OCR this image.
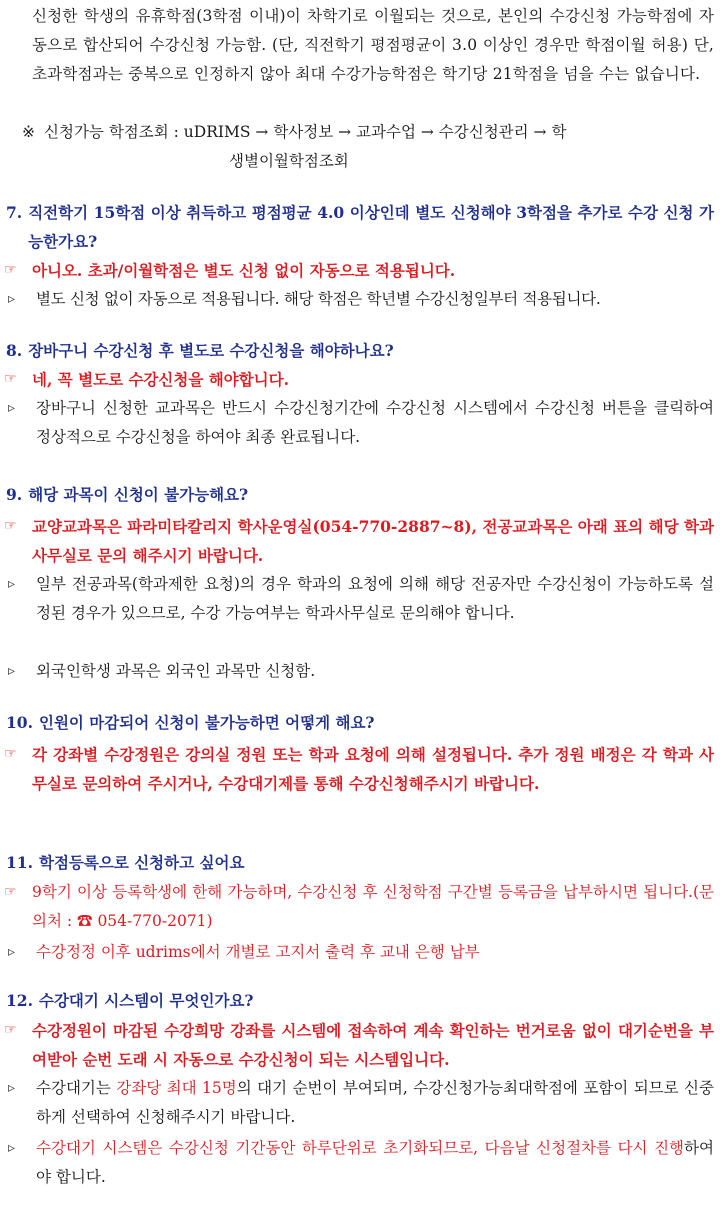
신청한 학생의 유휴학점(3학점 이내)이 차학기로 이월되는 것으로, 본인의 수강신청 가능학점에 자동으로 합산되어 수강신청 가능함. (단, 직전학기 평점평균이 3.0 이상인 경우만 학점이월 허용) 단, 초과학점과는 중복으로 인정하지 않아 최대 수강가능학점은 학기당 21학점을 넘을 수는 없습니다.
※ 신청가능 학점조회 : uDRIMS → 학사정보 → 교과수업 → 수강신청관리 → 학
생별이월학점조회
7. 직전학기 15학점 이상 취득하고 평점평균 4.0 이상인데 별도 신청해야 3학점을 추가로 수강 신청 가능한가요?
☞ 아니오. 초과/이월학점은 별도 신청 없이 자동으로 적용됩니다.
▹	별도 신청 없이 자동으로 적용됩니다. 해당 학점은 학년별 수강신청일부터 적용됩니다.
8. 장바구니 수강신청 후 별도로 수강신청을 해야하나요?
☞ 네, 꼭 별도로 수강신청을 해야합니다.
▹	장바구니 신청한 교과목은 반드시 수강신청기간에 수강신청 시스템에서 수강신청 버튼을 클릭하여 정상적으로 수강신청을 하여야 최종 완료됩니다.
9. 해당 과목이 신청이 불가능해요?
☞ 교양교과목은 파라미타칼리지 학사운영실(054-770-2887~8), 전공교과목은 아래 표의 해당 학과 사무실로 문의 해주시기 바랍니다.
▹	일부 전공과목(학과제한 요청)의 경우 학과의 요청에 의해 해당 전공자만 수강신청이 가능하도록 설정된 경우가 있으므로, 수강 가능여부는 학과사무실로 문의해야 합니다.
▹	외국인학생 과목은 외국인 과목만 신청함.
10. 인원이 마감되어 신청이 불가능하면 어떻게 해요?
☞ 각 강좌별 수강정원은 강의실 정원 또는 학과 요청에 의해 설정됩니다. 추가 정원 배정은 각 학과 사무실로 문의하여 주시거나, 수강대기제를 통해 수강신청해주시기 바랍니다.
11. 학점등록으로 신청하고 싶어요
☞ 9학기 이상 등록학생에 한해 가능하며, 수강신청 후 신청학점 구간별 등록금을 납부하시면 됩니다.(문의처 : ☎ 054-770-2071)
▹	수강정정 이후 udrims에서 개별로 고지서 출력 후 교내 은행 납부
12. 수강대기 시스템이 무엇인가요?
☞ 수강정원이 마감된 수강희망 강좌를 시스템에 접속하여 계속 확인하는 번거로움 없이 대기순번을 부여받아 순번 도래 시 자동으로 수강신청이 되는 시스템입니다.
▹	수강대기는 강좌당 최대 15명의 대기 순번이 부여되며, 수강신청가능최대학점에 포함이 되므로 신중하게 선택하여 신청해주시기 바랍니다.
▹	수강대기 시스템은 수강신청 기간동안 하루단위로 초기화되므로, 다음날 신청절차를 다시 진행하여야 합니다.
